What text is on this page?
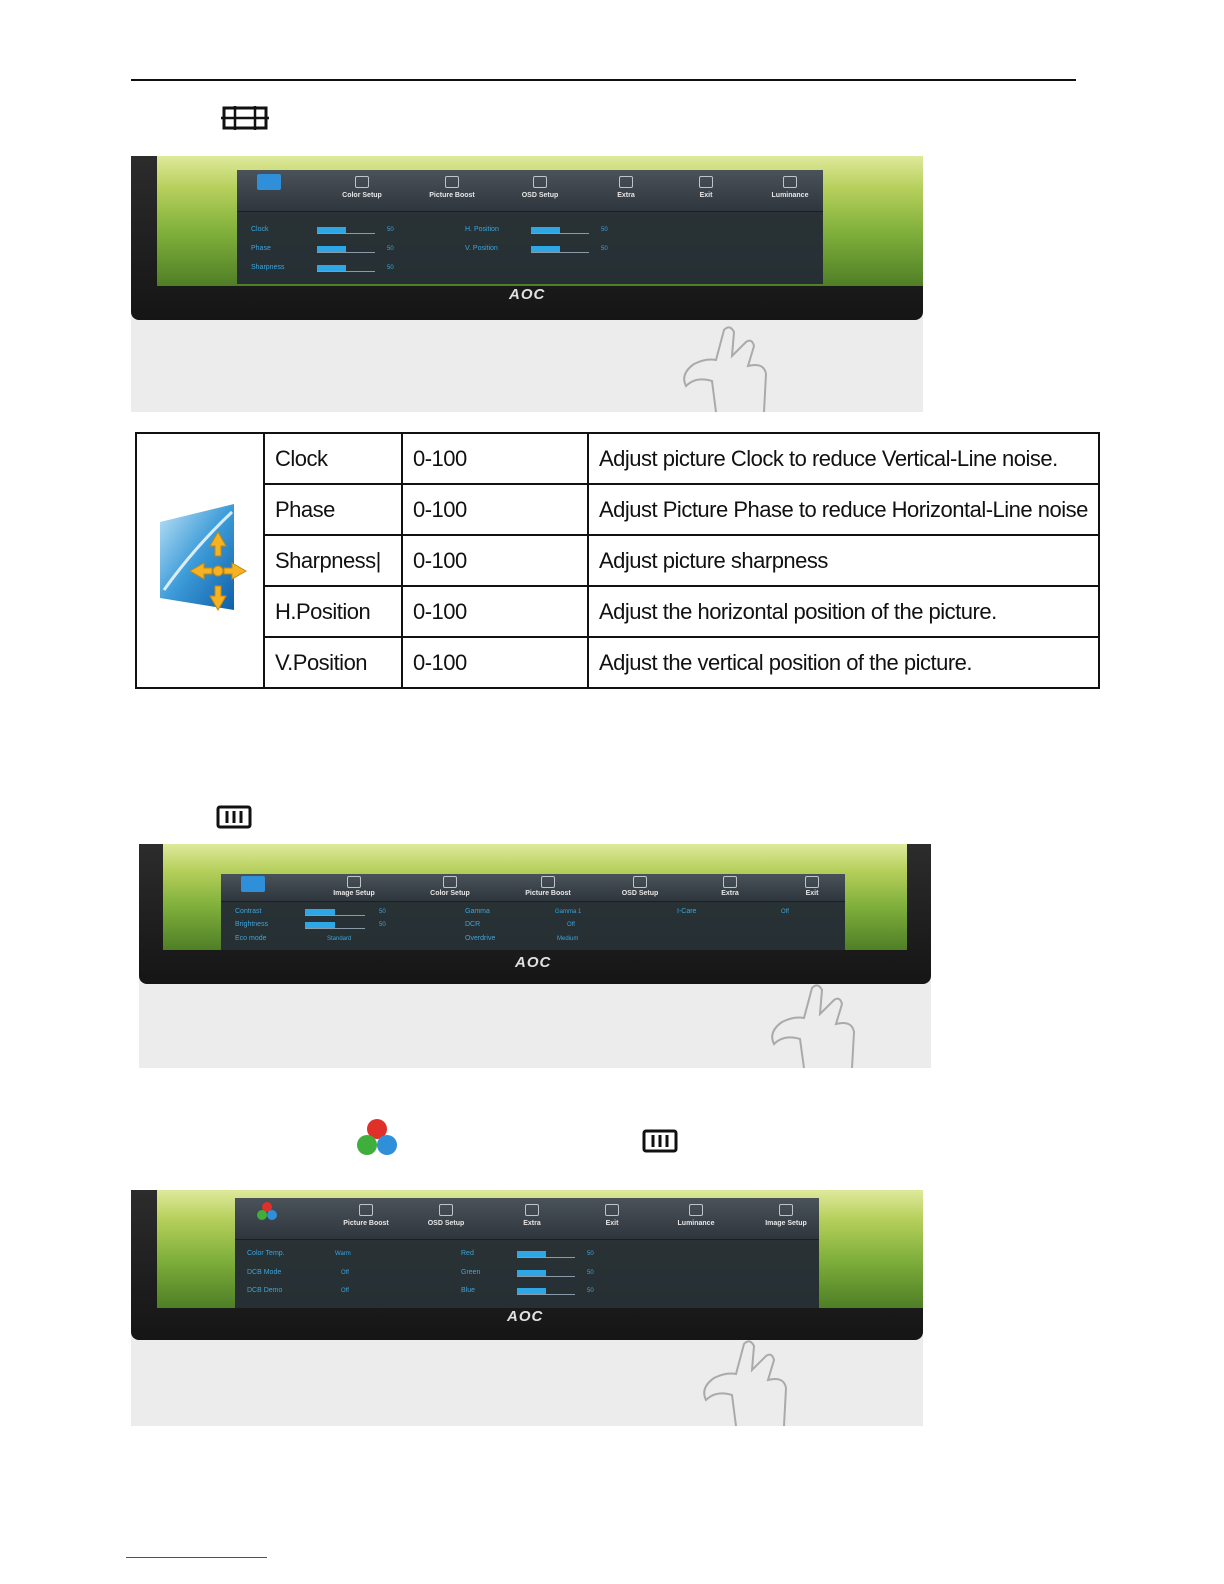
Color Setup	Picture Boost	OSD Setup	Extra	Exit	Luminance
Clock	50
Phase	50
Sharpness	50
H. Position	50
V. Position	50
AOC
	Clock	0-100	Adjust picture Clock to reduce Vertical-Line noise.
	Phase	0-100	Adjust Picture Phase to reduce Horizontal-Line noise
	Sharpness|	0-100	Adjust picture sharpness
	H.Position	0-100	Adjust the horizontal position of the picture.
	V.Position	0-100	Adjust the vertical position of the picture.
Image Setup	Color Setup	Picture Boost	OSD Setup	Extra	Exit
Contrast	50
Brightness	50
Eco mode	Standard
Gamma	Gamma 1
DCR	Off
Overdrive	Medium
I-Care	Off
AOC
Picture Boost	OSD Setup	Extra	Exit	Luminance	Image Setup
Color Temp.	Warm
DCB Mode	Off
DCB Demo	Off
Red	50
Green	50
Blue	50
AOC
